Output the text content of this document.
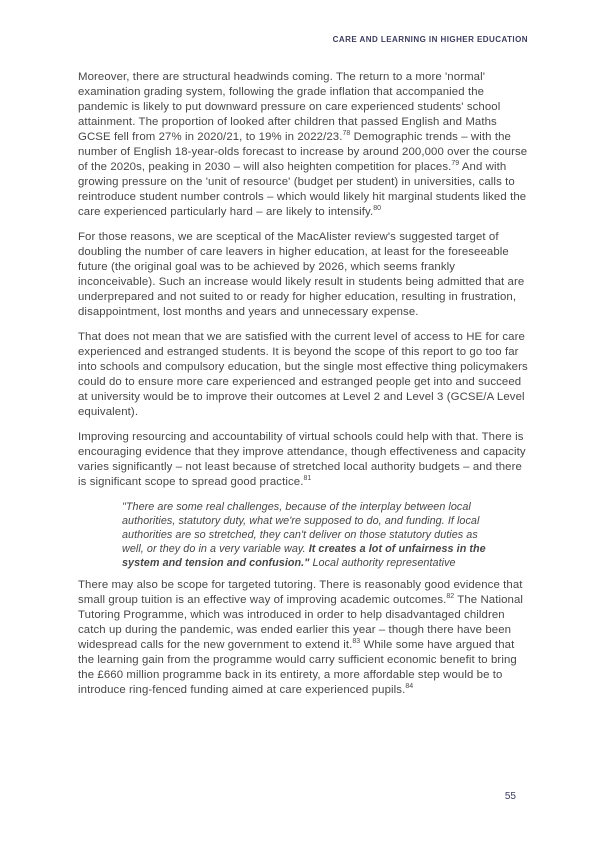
CARE AND LEARNING IN HIGHER EDUCATION

Moreover, there are structural headwinds coming. The return to a more 'normal' examination grading system, following the grade inflation that accompanied the pandemic is likely to put downward pressure on care experienced students' school attainment. The proportion of looked after children that passed English and Maths GCSE fell from 27% in 2020/21, to 19% in 2022/23.78 Demographic trends – with the number of English 18-year-olds forecast to increase by around 200,000 over the course of the 2020s, peaking in 2030 – will also heighten competition for places.$^{79}$ And with growing pressure on the 'unit of resource' (budget per student) in universities, calls to reintroduce student number controls – which would likely hit marginal students liked the care experienced particularly hard – are likely to intensify.$^{80}$

For those reasons, we are sceptical of the MacAlister review's suggested target of doubling the number of care leavers in higher education, at least for the foreseeable future (the original goal was to be achieved by 2026, which seems frankly inconceivable). Such an increase would likely result in students being admitted that are underprepared and not suited to or ready for higher education, resulting in frustration, disappointment, lost months and years and unnecessary expense.

That does not mean that we are satisfied with the current level of access to HE for care experienced and estranged students. It is beyond the scope of this report to go too far into schools and compulsory education, but the single most effective thing policymakers could do to ensure more care experienced and estranged people get into and succeed at university would be to improve their outcomes at Level 2 and Level 3 (GCSE/A Level equivalent).

Improving resourcing and accountability of virtual schools could help with that. There is encouraging evidence that they improve attendance, though effectiveness and capacity varies significantly – not least because of stretched local authority budgets – and there is significant scope to spread good practice.$^{81}$

"There are some real challenges, because of the interplay between local authorities, statutory duty, what we're supposed to do, and funding. If local authorities are so stretched, they can't deliver on those statutory duties as well, or they do in a very variable way. It creates a lot of unfairness in the system and tension and confusion." Local authority representative

There may also be scope for targeted tutoring. There is reasonably good evidence that small group tuition is an effective way of improving academic outcomes.$^{82}$ The National Tutoring Programme, which was introduced in order to help disadvantaged children catch up during the pandemic, was ended earlier this year – though there have been widespread calls for the new government to extend it.$^{83}$ While some have argued that the learning gain from the programme would carry sufficient economic benefit to bring the £660 million programme back in its entirety, a more affordable step would be to introduce ring-fenced funding aimed at care experienced pupils.$^{84}$

55
